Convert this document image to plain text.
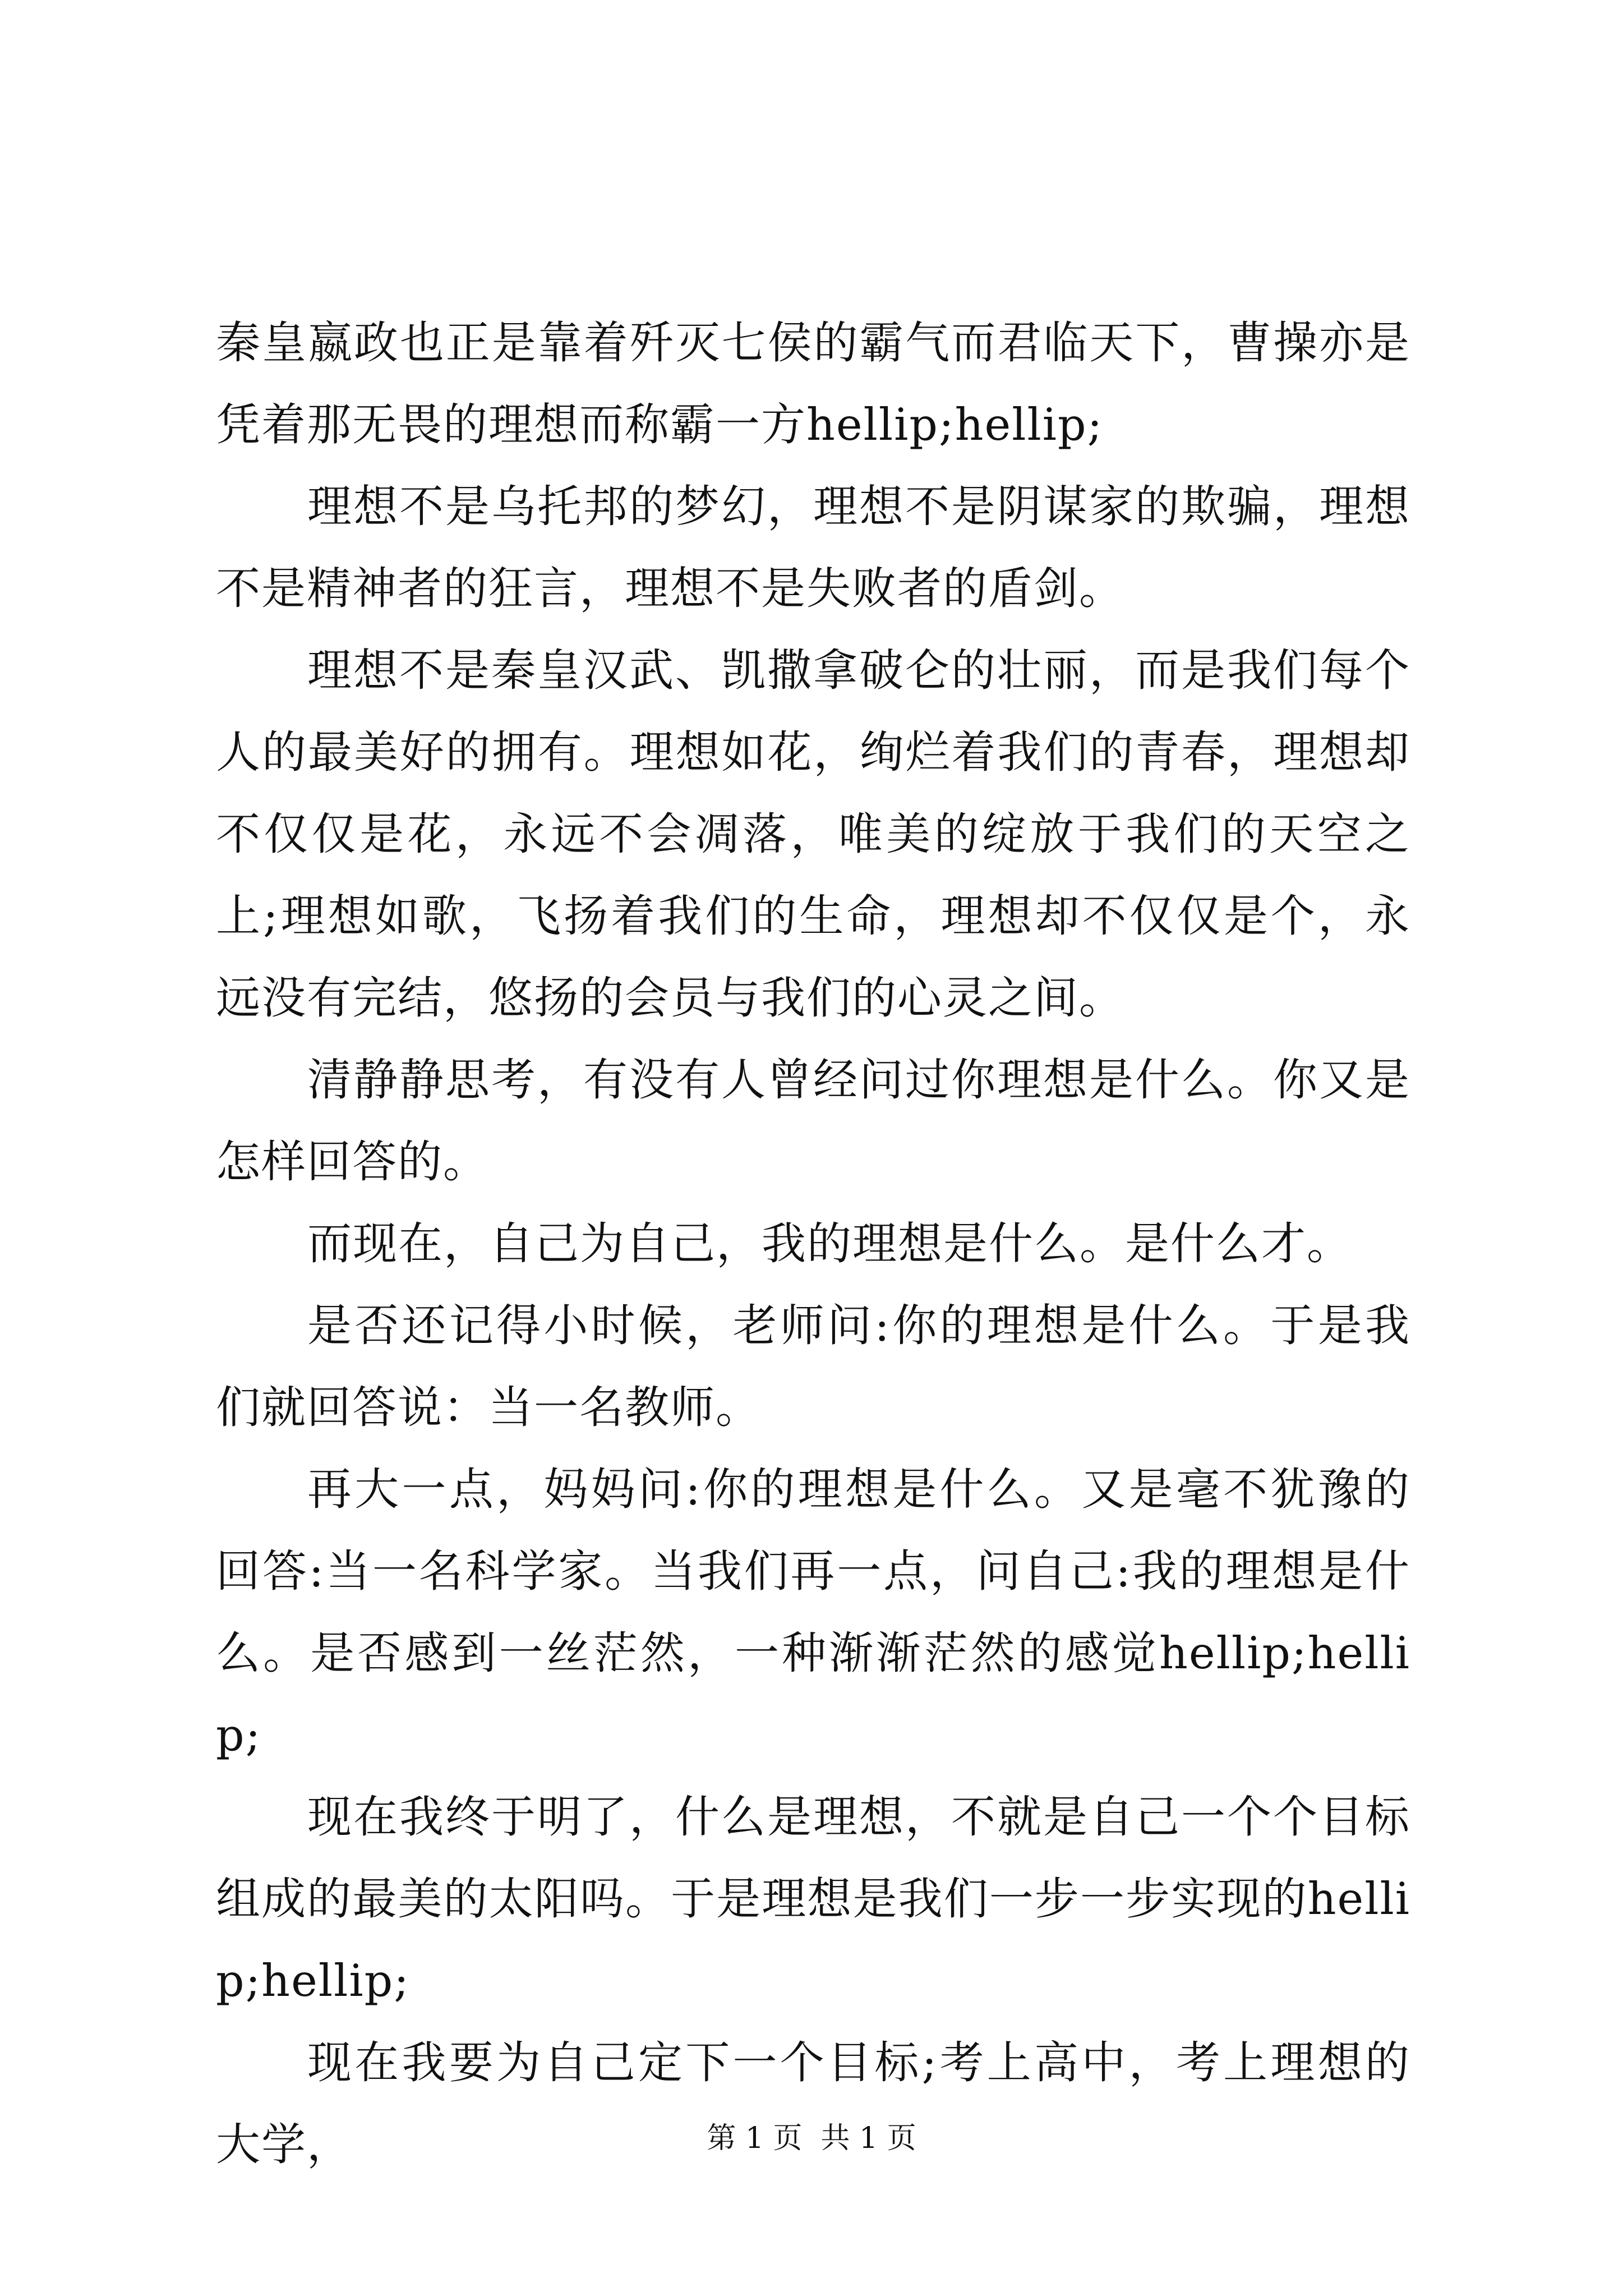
秦皇嬴政也正是靠着歼灭七侯的霸气而君临天下，曹操亦是凭着那无畏的理想而称霸一方hellip;hellip;

理想不是乌托邦的梦幻，理想不是阴谋家的欺骗，理想不是精神者的狂言，理想不是失败者的盾剑。

理想不是秦皇汉武、凯撒拿破仑的壮丽，而是我们每个人的最美好的拥有。理想如花，绚烂着我们的青春，理想却不仅仅是花，永远不会凋落，唯美的绽放于我们的天空之上;理想如歌，飞扬着我们的生命，理想却不仅仅是个，永远没有完结，悠扬的会员与我们的心灵之间。

清静静思考，有没有人曾经问过你理想是什么。你又是怎样回答的。

而现在，自己为自己，我的理想是什么。是什么才。

是否还记得小时候，老师问:你的理想是什么。于是我们就回答说：当一名教师。

再大一点，妈妈问:你的理想是什么。又是毫不犹豫的回答:当一名科学家。当我们再一点，问自己:我的理想是什么。是否感到一丝茫然，一种渐渐茫然的感觉hellip;hellip;

现在我终于明了，什么是理想，不就是自己一个个目标组成的最美的太阳吗。于是理想是我们一步一步实现的hellip;hellip;

现在我要为自己定下一个目标;考上高中，考上理想的大学，	第 1 页  共 1 页
